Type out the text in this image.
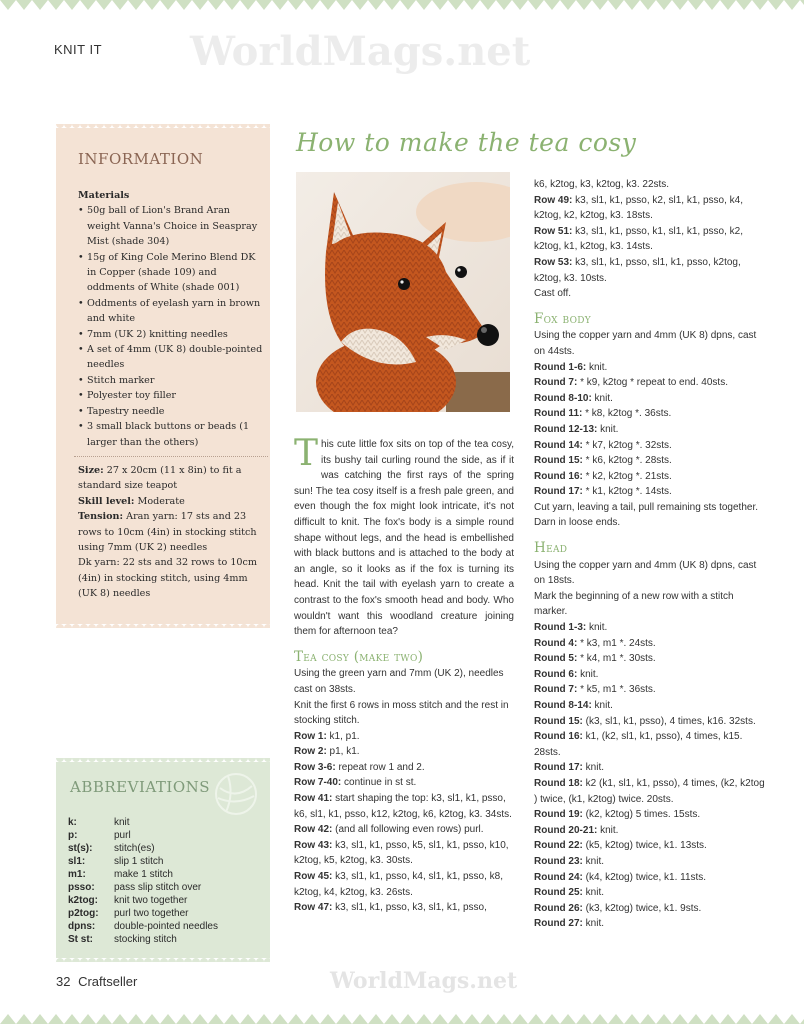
KNIT IT WorldMags.net
INFORMATION
Materials
• 50g ball of Lion's Brand Aran weight Vanna's Choice in Seaspray Mist (shade 304)
• 15g of King Cole Merino Blend DK in Copper (shade 109) and oddments of White (shade 001)
• Oddments of eyelash yarn in brown and white
• 7mm (UK 2) knitting needles
• A set of 4mm (UK 8) double-pointed needles
• Stitch marker
• Polyester toy filler
• Tapestry needle
• 3 small black buttons or beads (1 larger than the others)
Size: 27 x 20cm (11 x 8in) to fit a standard size teapot
Skill level: Moderate
Tension: Aran yarn: 17 sts and 23 rows to 10cm (4in) in stocking stitch using 7mm (UK 2) needles
Dk yarn: 22 sts and 32 rows to 10cm (4in) in stocking stitch, using 4mm (UK 8) needles
ABBREVIATIONS
k:	knit
p:	purl
st(s):	stitch(es)
sl1:	slip 1 stitch
m1:	make 1 stitch
psso:	pass slip stitch over
k2tog:	knit two together
p2tog:	purl two together
dpns:	double-pointed needles
St st:	stocking stitch
How to make the tea cosy

This cute little fox sits on top of the tea cosy, its bushy tail curling round the side, as if it was catching the first rays of the spring sun! The tea cosy itself is a fresh pale green, and even though the fox might look intricate, it's not difficult to knit. The fox's body is a simple round shape without legs, and the head is embellished with black buttons and is attached to the body at an angle, so it looks as if the fox is turning its head. Knit the tail with eyelash yarn to create a contrast to the fox's smooth head and body. Who wouldn't want this woodland creature joining them for afternoon tea?

Tea cosy (make two)

Using the green yarn and 7mm (UK 2), needles cast on 38sts.

Knit the first 6 rows in moss stitch and the rest in stocking stitch.

Row 1: k1, p1.

Row 2: p1, k1.

Row 3-6: repeat row 1 and 2.

Row 7-40: continue in st st.

Row 41: start shaping the top: k3, sl1, k1, psso, k6, sl1, k1, psso, k12, k2tog, k6, k2tog, k3. 34sts.

Row 42: (and all following even rows) purl.

Row 43: k3, sl1, k1, psso, k5, sl1, k1, psso, k10, k2tog, k5, k2tog, k3. 30sts.

Row 45: k3, sl1, k1, psso, k4, sl1, k1, psso, k8, k2tog, k4, k2tog, k3. 26sts.

Row 47: k3, sl1, k1, psso, k3, sl1, k1, psso,

k6, k2tog, k3, k2tog, k3. 22sts.

Row 49: k3, sl1, k1, psso, k2, sl1, k1, psso, k4, k2tog, k2, k2tog, k3. 18sts.

Row 51: k3, sl1, k1, psso, k1, sl1, k1, psso, k2, k2tog, k1, k2tog, k3. 14sts.

Row 53: k3, sl1, k1, psso, sl1, k1, psso, k2tog, k2tog, k3. 10sts.

Cast off.

Fox body

Using the copper yarn and 4mm (UK 8) dpns, cast on 44sts.

Round 1-6: knit.

Round 7: * k9, k2tog * repeat to end. 40sts.

Round 8-10: knit.

Round 11: * k8, k2tog *. 36sts.

Round 12-13: knit.

Round 14: * k7, k2tog *. 32sts.

Round 15: * k6, k2tog *. 28sts.

Round 16: * k2, k2tog *. 21sts.

Round 17: * k1, k2tog *. 14sts.

Cut yarn, leaving a tail, pull remaining sts together. Darn in loose ends.

Head

Using the copper yarn and 4mm (UK 8) dpns, cast on 18sts.

Mark the beginning of a new row with a stitch marker.

Round 1-3: knit.

Round 4: * k3, m1 *. 24sts.

Round 5: * k4, m1 *. 30sts.

Round 6: knit.

Round 7: * k5, m1 *. 36sts.

Round 8-14: knit.

Round 15: (k3, sl1, k1, psso), 4 times, k16. 32sts.

Round 16: k1, (k2, sl1, k1, psso), 4 times, k15. 28sts.

Round 17: knit.

Round 18: k2 (k1, sl1, k1, psso), 4 times, (k2, k2tog ) twice, (k1, k2tog) twice. 20sts.

Round 19: (k2, k2tog) 5 times. 15sts.

Round 20-21: knit.

Round 22: (k5, k2tog) twice, k1. 13sts.

Round 23: knit.

Round 24: (k4, k2tog) twice, k1. 11sts.

Round 25: knit.

Round 26: (k3, k2tog) twice, k1. 9sts.

Round 27: knit.

32 Craftseller	WorldMags.net
